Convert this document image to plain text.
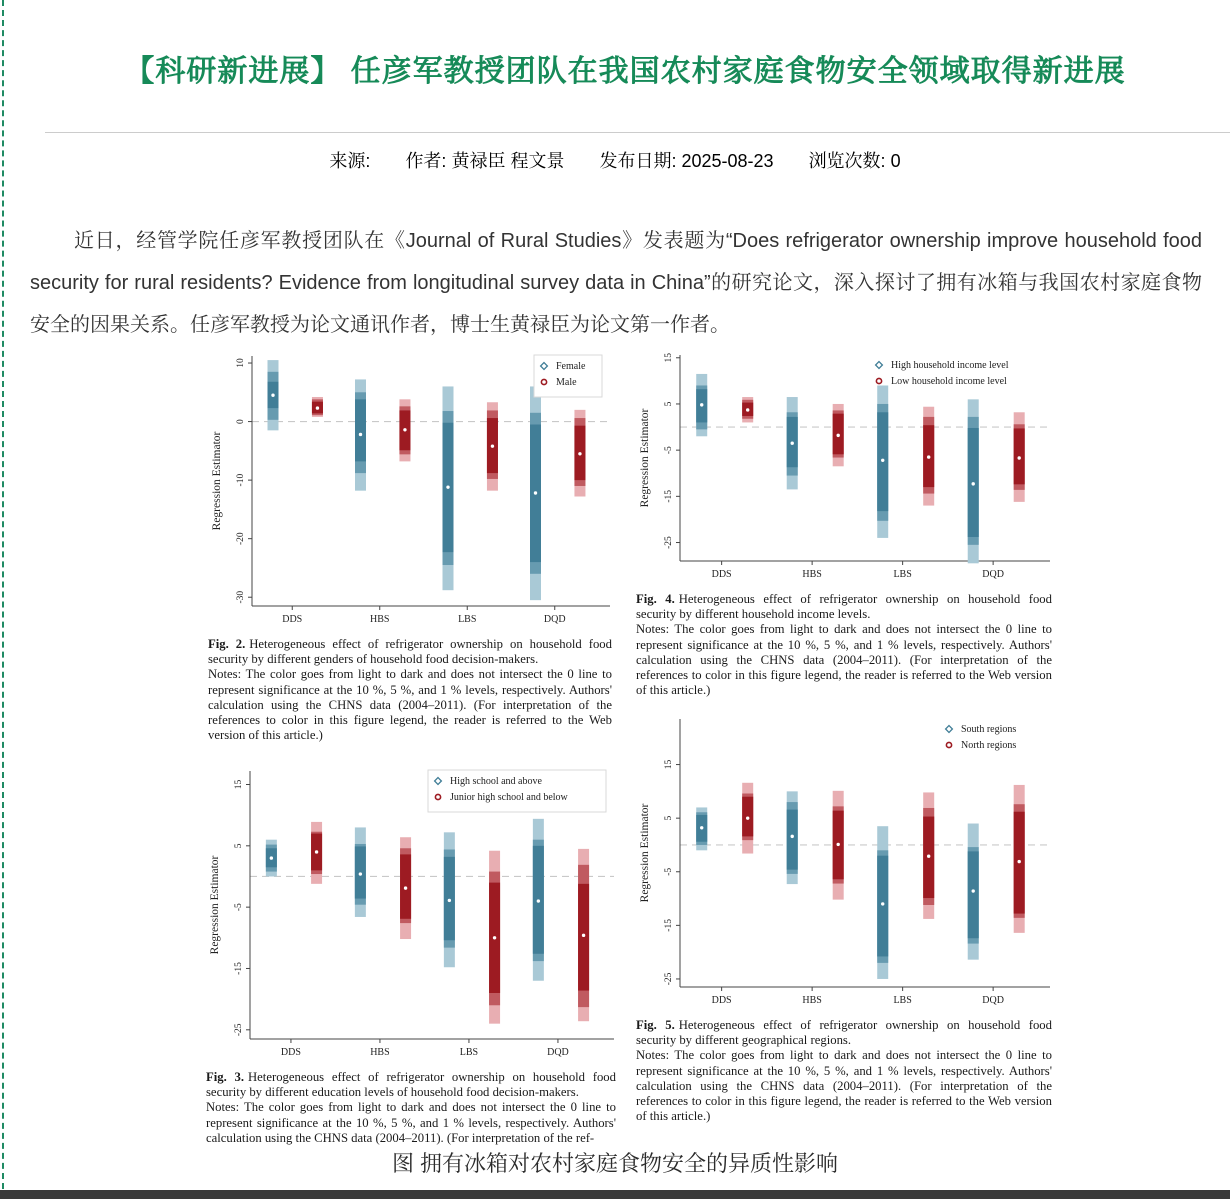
【科研新进展】 任彦军教授团队在我国农村家庭食物安全领域取得新进展
来源: 作者: 黄禄臣 程文景 发布日期: 2025-08-23 浏览次数: 0

近日，经管学院任彦军教授团队在《Journal of Rural Studies》发表题为“Does refrigerator ownership improve household food security for rural residents? Evidence from longitudinal survey data in China”的研究论文，深入探讨了拥有冰箱与我国农村家庭食物安全的因果关系。任彦军教授为论文通讯作者，博士生黄禄臣为论文第一作者。

10
0
-10
-20
-30
Regression Estimator
DDS	HBS	LBS	DQD
Female
Male
Fig. 2. Heterogeneous effect of refrigerator ownership on household food security by different genders of household food decision-makers.
Notes: The color goes from light to dark and does not intersect the 0 line to represent significance at the 10 %, 5 %, and 1 % levels, respectively. Authors' calculation using the CHNS data (2004–2011). (For interpretation of the references to color in this figure legend, the reader is referred to the Web version of this article.)
15
5
-5
-15
-25
Regression Estimator
DDS	HBS	LBS	DQD
High household income level
Low household income level
Fig. 4. Heterogeneous effect of refrigerator ownership on household food security by different household income levels.
Notes: The color goes from light to dark and does not intersect the 0 line to represent significance at the 10 %, 5 %, and 1 % levels, respectively. Authors' calculation using the CHNS data (2004–2011). (For interpretation of the references to color in this figure legend, the reader is referred to the Web version of this article.)
15
5
-5
-15
-25
Regression Estimator
DDS	HBS	LBS	DQD
High school and above
Junior high school and below
Fig. 3. Heterogeneous effect of refrigerator ownership on household food security by different education levels of household food decision-makers.
Notes: The color goes from light to dark and does not intersect the 0 line to represent significance at the 10 %, 5 %, and 1 % levels, respectively. Authors' calculation using the CHNS data (2004–2011). (For interpretation of the ref-
15
5
-5
-15
-25
Regression Estimator
DDS	HBS	LBS	DQD
South regions
North regions
Fig. 5. Heterogeneous effect of refrigerator ownership on household food security by different geographical regions.
Notes: The color goes from light to dark and does not intersect the 0 line to represent significance at the 10 %, 5 %, and 1 % levels, respectively. Authors' calculation using the CHNS data (2004–2011). (For interpretation of the references to color in this figure legend, the reader is referred to the Web version of this article.)
图 拥有冰箱对农村家庭食物安全的异质性影响
